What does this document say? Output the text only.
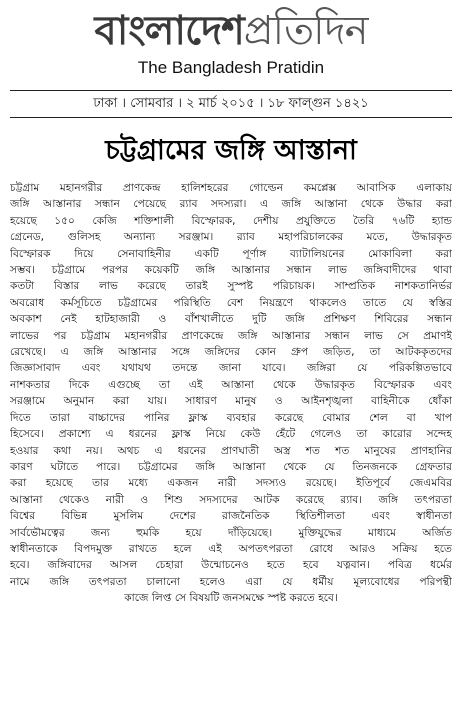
বাংলাদেশপ্রতিদিন
The Bangladesh Pratidin
ঢাকা । সোমবার । ২ মার্চ ২০১৫ । ১৮ ফাল্গুন ১৪২১
চট্টগ্রামের জঙ্গি আস্তানা
চট্টগ্রাম মহানগরীর প্রাণকেন্দ্র হালিশহরের গোল্ডেন কমপ্লেক্স আবাসিক এলাকায়
জঙ্গি আস্তানার সন্ধান পেয়েছে র‌্যাব সদস্যরা। এ জঙ্গি আস্তানা থেকে উদ্ধার করা
হয়েছে ১৫০ কেজি শক্তিশালী বিস্ফোরক, দেশীয় প্রযুক্তিতে তৈরি ৭৬টি হ্যান্ড
গ্রেনেড, গুলিসহ অন্যান্য সরঞ্জাম। র‌্যাব মহাপরিচালকের মতে, উদ্ধারকৃত
বিস্ফোরক দিয়ে সেনাবাহিনীর একটি পূর্ণাঙ্গ ব্যাটালিয়নের মোকাবিলা করা
সম্ভব। চট্টগ্রামে পরপর কয়েকটি জঙ্গি আস্তানার সন্ধান লাভ জঙ্গিবাদীদের থাবা
কতটা বিস্তার লাভ করেছে তারই সুস্পষ্ট পরিচায়ক। সাম্প্রতিক নাশকতানির্ভর
অবরোধ কর্মসূচিতে চট্টগ্রামের পরিস্থিতি বেশ নিয়ন্ত্রণে থাকলেও তাতে যে স্বস্তির
অবকাশ নেই হাটহাজারী ও বাঁশখালীতে দুটি জঙ্গি প্রশিক্ষণ শিবিরের সন্ধান
লাভের পর চট্টগ্রাম মহানগরীর প্রাণকেন্দ্রে জঙ্গি আস্তানার সন্ধান লাভ সে প্রমাণই
রেখেছে। এ জঙ্গি আস্তানার সঙ্গে জঙ্গিদের কোন গ্রুপ জড়িত, তা আটককৃতদের
জিজ্ঞাসাবাদ এবং যথাযথ তদন্তে জানা যাবে। জঙ্গিরা যে পরিকল্পিতভাবে
নাশকতার দিকে এগুচ্ছে তা এই আস্তানা থেকে উদ্ধারকৃত বিস্ফোরক এবং
সরঞ্জামে অনুমান করা যায়। সাধারণ মানুষ ও আইনশৃঙ্খলা বাহিনীকে ধোঁকা
দিতে তারা বাচ্চাদের পানির ফ্লাস্ক ব্যবহার করেছে বোমার শেল বা খাপ
হিসেবে। প্রকাশ্যে এ ধরনের ফ্লাস্ক নিয়ে কেউ হেঁটে গেলেও তা কারোর সন্দেহ
হওয়ার কথা নয়। অথচ এ ধরনের প্রাণঘাতী অস্ত্র শত শত মানুষের প্রাণহানির
কারণ ঘটাতে পারে। চট্টগ্রামের জঙ্গি আস্তানা থেকে যে তিনজনকে গ্রেফতার
করা হয়েছে তার মধ্যে একজন নারী সদস্যও রয়েছে। ইতিপূর্বে জেএমবির
আস্তানা থেকেও নারী ও শিশু সদস্যদের আটক করেছে র‌্যাব। জঙ্গি তৎপরতা
বিশ্বের বিভিন্ন মুসলিম দেশের রাজনৈতিক স্থিতিশীলতা এবং স্বাধীনতা
সার্বভৌমত্বের জন্য হুমকি হয়ে দাঁড়িয়েছে। মুক্তিযুদ্ধের মাধ্যমে অর্জিত
স্বাধীনতাকে বিপদমুক্ত রাখতে হলে এই অপতৎপরতা রোধে আরও সক্রিয় হতে
হবে। জঙ্গিবাদের আসল চেহারা উন্মোচনেও হতে হবে যত্নবান। পবিত্র ধর্মের
নামে জঙ্গি তৎপরতা চালানো হলেও এরা যে ধর্মীয় মূল্যবোধের পরিপন্থী
কাজে লিপ্ত সে বিষয়টি জনসমক্ষে স্পষ্ট করতে হবে।
